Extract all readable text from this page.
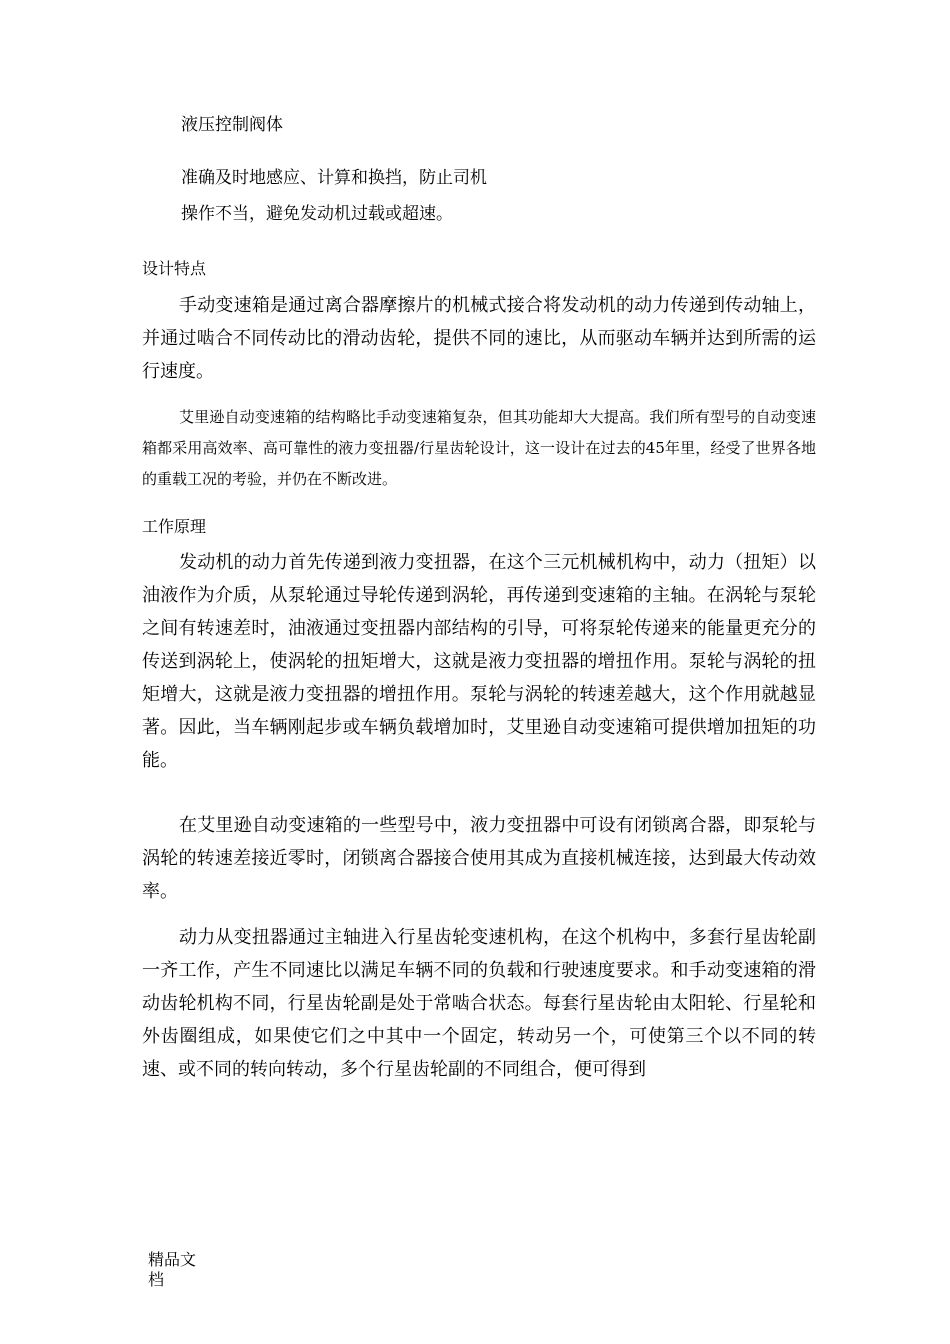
液压控制阀体

准确及时地感应、计算和换挡，防止司机

操作不当，避免发动机过载或超速。

设计特点

手动变速箱是通过离合器摩擦片的机械式接合将发动机的动力传递到传动轴上，并通过啮合不同传动比的滑动齿轮，提供不同的速比，从而驱动车辆并达到所需的运行速度。

艾里逊自动变速箱的结构略比手动变速箱复杂，但其功能却大大提高。我们所有型号的自动变速箱都采用高效率、高可靠性的液力变扭器/行星齿轮设计，这一设计在过去的45年里，经受了世界各地的重载工况的考验，并仍在不断改进。

工作原理

发动机的动力首先传递到液力变扭器，在这个三元机械机构中，动力（扭矩）以油液作为介质，从泵轮通过导轮传递到涡轮，再传递到变速箱的主轴。在涡轮与泵轮之间有转速差时，油液通过变扭器内部结构的引导，可将泵轮传递来的能量更充分的传送到涡轮上，使涡轮的扭矩增大，这就是液力变扭器的增扭作用。泵轮与涡轮的扭矩增大，这就是液力变扭器的增扭作用。泵轮与涡轮的转速差越大，这个作用就越显著。因此，当车辆刚起步或车辆负载增加时，艾里逊自动变速箱可提供增加扭矩的功能。

在艾里逊自动变速箱的一些型号中，液力变扭器中可设有闭锁离合器，即泵轮与涡轮的转速差接近零时，闭锁离合器接合使用其成为直接机械连接，达到最大传动效率。

动力从变扭器通过主轴进入行星齿轮变速机构，在这个机构中，多套行星齿轮副一齐工作，产生不同速比以满足车辆不同的负载和行驶速度要求。和手动变速箱的滑动齿轮机构不同，行星齿轮副是处于常啮合状态。每套行星齿轮由太阳轮、行星轮和外齿圈组成，如果使它们之中其中一个固定，转动另一个，可使第三个以不同的转速、或不同的转向转动，多个行星齿轮副的不同组合，便可得到

精品文档
